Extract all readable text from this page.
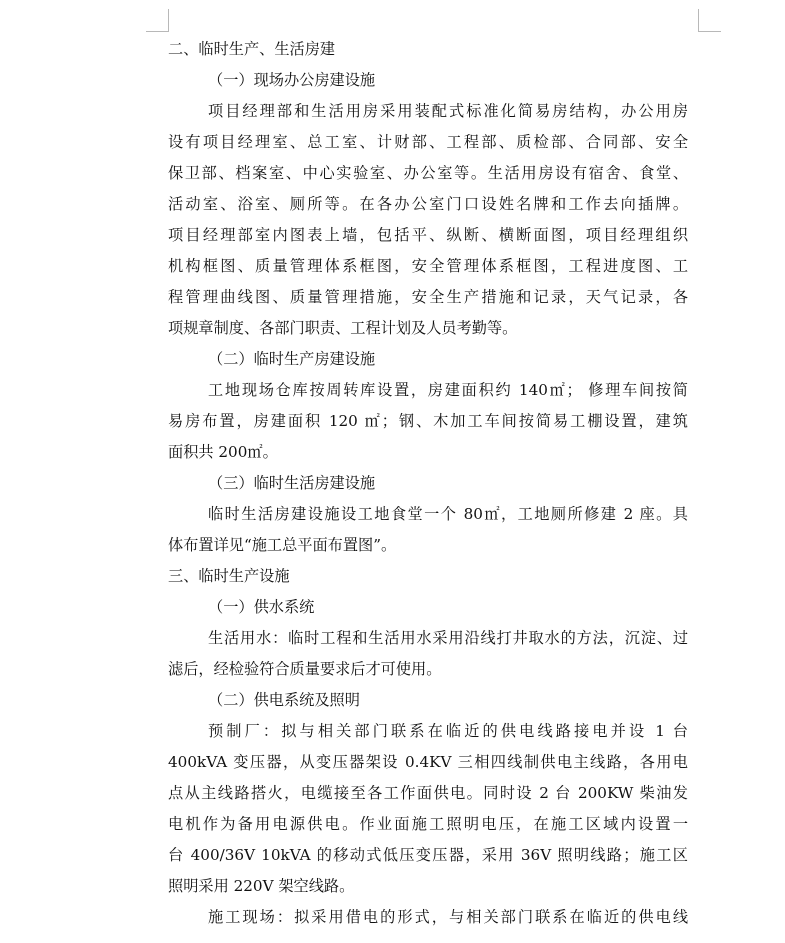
二、临时生产、生活房建
（一）现场办公房建设施
项目经理部和生活用房采用装配式标准化简易房结构，办公用房
设有项目经理室、总工室、计财部、工程部、质检部、合同部、安全
保卫部、档案室、中心实验室、办公室等。生活用房设有宿舍、食堂、
活动室、浴室、厕所等。在各办公室门口设姓名牌和工作去向插牌。
项目经理部室内图表上墙，包括平、纵断、横断面图，项目经理组织
机构框图、质量管理体系框图，安全管理体系框图，工程进度图、工
程管理曲线图、质量管理措施，安全生产措施和记录，天气记录，各
项规章制度、各部门职责、工程计划及人员考勤等。
（二）临时生产房建设施
工地现场仓库按周转库设置，房建面积约 140㎡； 修理车间按简
易房布置，房建面积 120 ㎡；钢、木加工车间按简易工棚设置，建筑
面积共 200㎡。
（三）临时生活房建设施
临时生活房建设施设工地食堂一个 80㎡，工地厕所修建 2 座。具
体布置详见“施工总平面布置图”。
三、临时生产设施
（一）供水系统
生活用水：临时工程和生活用水采用沿线打井取水的方法，沉淀、过
滤后，经检验符合质量要求后才可使用。
（二）供电系统及照明
预制厂：拟与相关部门联系在临近的供电线路接电并设 1 台
400kVA 变压器，从变压器架设 0.4KV 三相四线制供电主线路，各用电
点从主线路搭火，电缆接至各工作面供电。同时设 2 台 200KW 柴油发
电机作为备用电源供电。作业面施工照明电压，在施工区域内设置一
台 400/36V 10kVA 的移动式低压变压器，采用 36V 照明线路；施工区
照明采用 220V 架空线路。
施工现场：拟采用借电的形式，与相关部门联系在临近的供电线
